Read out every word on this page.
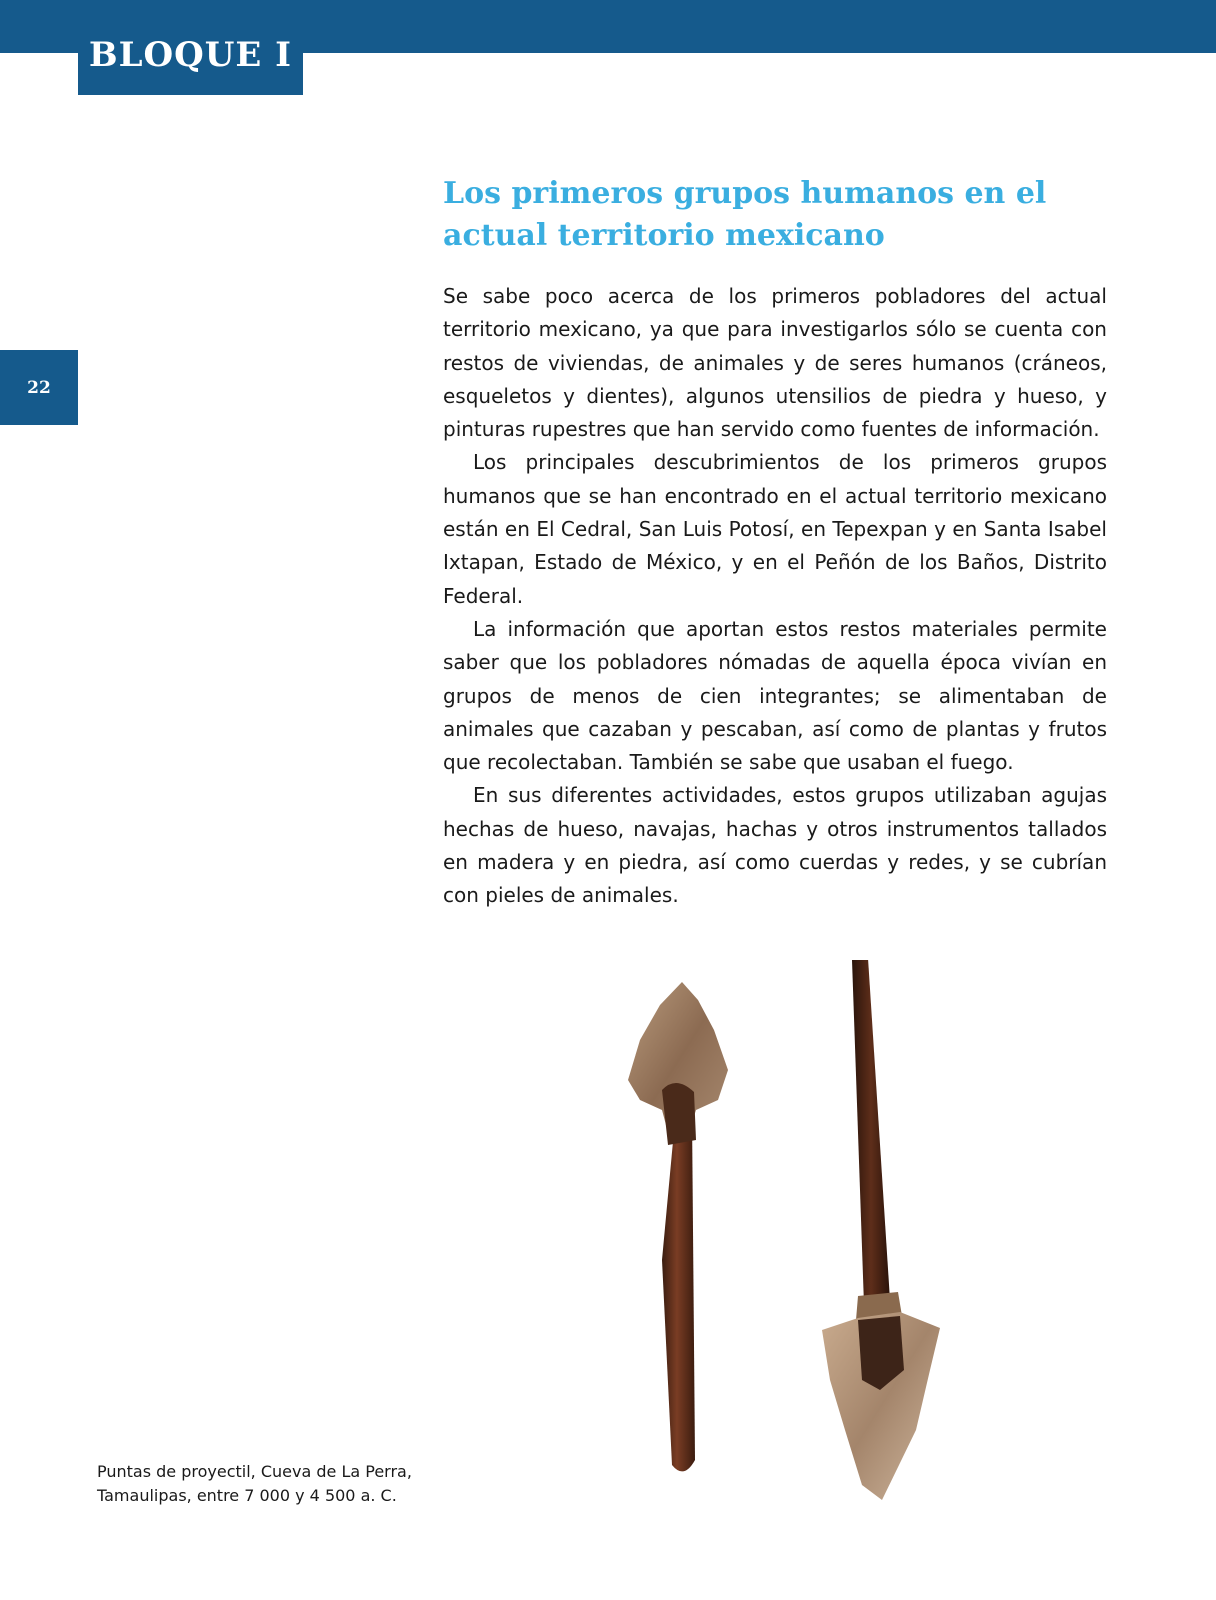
BLOQUE I
22
Los primeros grupos humanos en el actual territorio mexicano

Se sabe poco acerca de los primeros pobladores del actual territorio mexicano, ya que para investigarlos sólo se cuenta con restos de viviendas, de animales y de seres humanos (cráneos, esqueletos y dientes), algunos utensilios de piedra y hueso, y pinturas rupestres que han servido como fuentes de información.

Los principales descubrimientos de los primeros grupos humanos que se han encontrado en el actual territorio mexicano están en El Cedral, San Luis Potosí, en Tepexpan y en Santa Isabel Ixtapan, Estado de México, y en el Peñón de los Baños, Distrito Federal.

La información que aportan estos restos materiales permite saber que los pobladores nómadas de aquella época vivían en grupos de menos de cien integrantes; se alimentaban de animales que cazaban y pescaban, así como de plantas y frutos que recolectaban. También se sabe que usaban el fuego.

En sus diferentes actividades, estos grupos utilizaban agujas hechas de hueso, navajas, hachas y otros instrumentos tallados en madera y en piedra, así como cuerdas y redes, y se cubrían con pieles de animales.

Puntas de proyectil, Cueva de La Perra,
Tamaulipas, entre 7 000 y 4 500 a. C.
